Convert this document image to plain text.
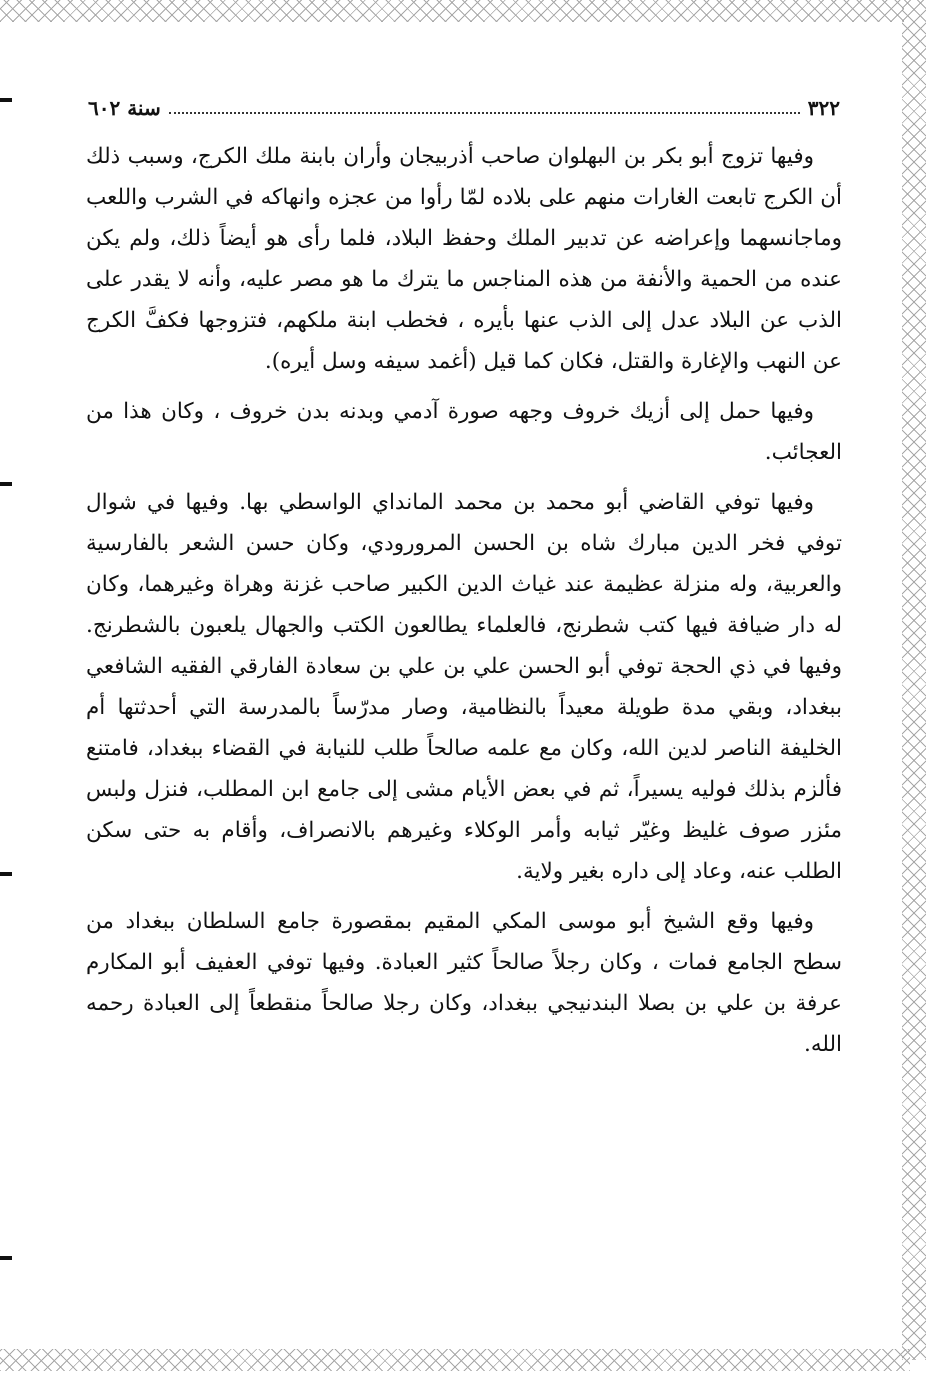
٣٢٢
سنة ٦٠٢

وفيها تزوج أبو بكر بن البهلوان صاحب أذربيجان وأران بابنة ملك الكرج، وسبب ذلك أن الكرج تابعت الغارات منهم على بلاده لمّا رأوا من عجزه وانهاكه في الشرب واللعب وماجانسهما وإعراضه عن تدبير الملك وحفظ البلاد، فلما رأى هو أيضاً ذلك، ولم يكن عنده من الحمية والأنفة من هذه المناجس ما يترك ما هو مصر عليه، وأنه لا يقدر على الذب عن البلاد عدل إلى الذب عنها بأيره ، فخطب ابنة ملكهم، فتزوجها فكفَّ الكرج عن النهب والإغارة والقتل، فكان كما قيل (أغمد سيفه وسل أيره).

وفيها حمل إلى أزيك خروف وجهه صورة آدمي وبدنه بدن خروف ، وكان هذا من العجائب.

وفيها توفي القاضي أبو محمد بن محمد المانداي الواسطي بها. وفيها في شوال توفي فخر الدين مبارك شاه بن الحسن المرورودي، وكان حسن الشعر بالفارسية والعربية، وله منزلة عظيمة عند غياث الدين الكبير صاحب غزنة وهراة وغيرهما، وكان له دار ضيافة فيها كتب شطرنج، فالعلماء يطالعون الكتب والجهال يلعبون بالشطرنج. وفيها في ذي الحجة توفي أبو الحسن علي بن علي بن سعادة الفارقي الفقيه الشافعي ببغداد، وبقي مدة طويلة معيداً بالنظامية، وصار مدرّساً بالمدرسة التي أحدثتها أم الخليفة الناصر لدين الله، وكان مع علمه صالحاً طلب للنيابة في القضاء ببغداد، فامتنع فألزم بذلك فوليه يسيراً، ثم في بعض الأيام مشى إلى جامع ابن المطلب، فنزل ولبس مئزر صوف غليظ وغيّر ثيابه وأمر الوكلاء وغيرهم بالانصراف، وأقام به حتى سكن الطلب عنه، وعاد إلى داره بغير ولاية.

وفيها وقع الشيخ أبو موسى المكي المقيم بمقصورة جامع السلطان ببغداد من سطح الجامع فمات ، وكان رجلاً صالحاً كثير العبادة. وفيها توفي العفيف أبو المكارم عرفة بن علي بن بصلا البندنيجي ببغداد، وكان رجلا صالحاً منقطعاً إلى العبادة رحمه الله.
